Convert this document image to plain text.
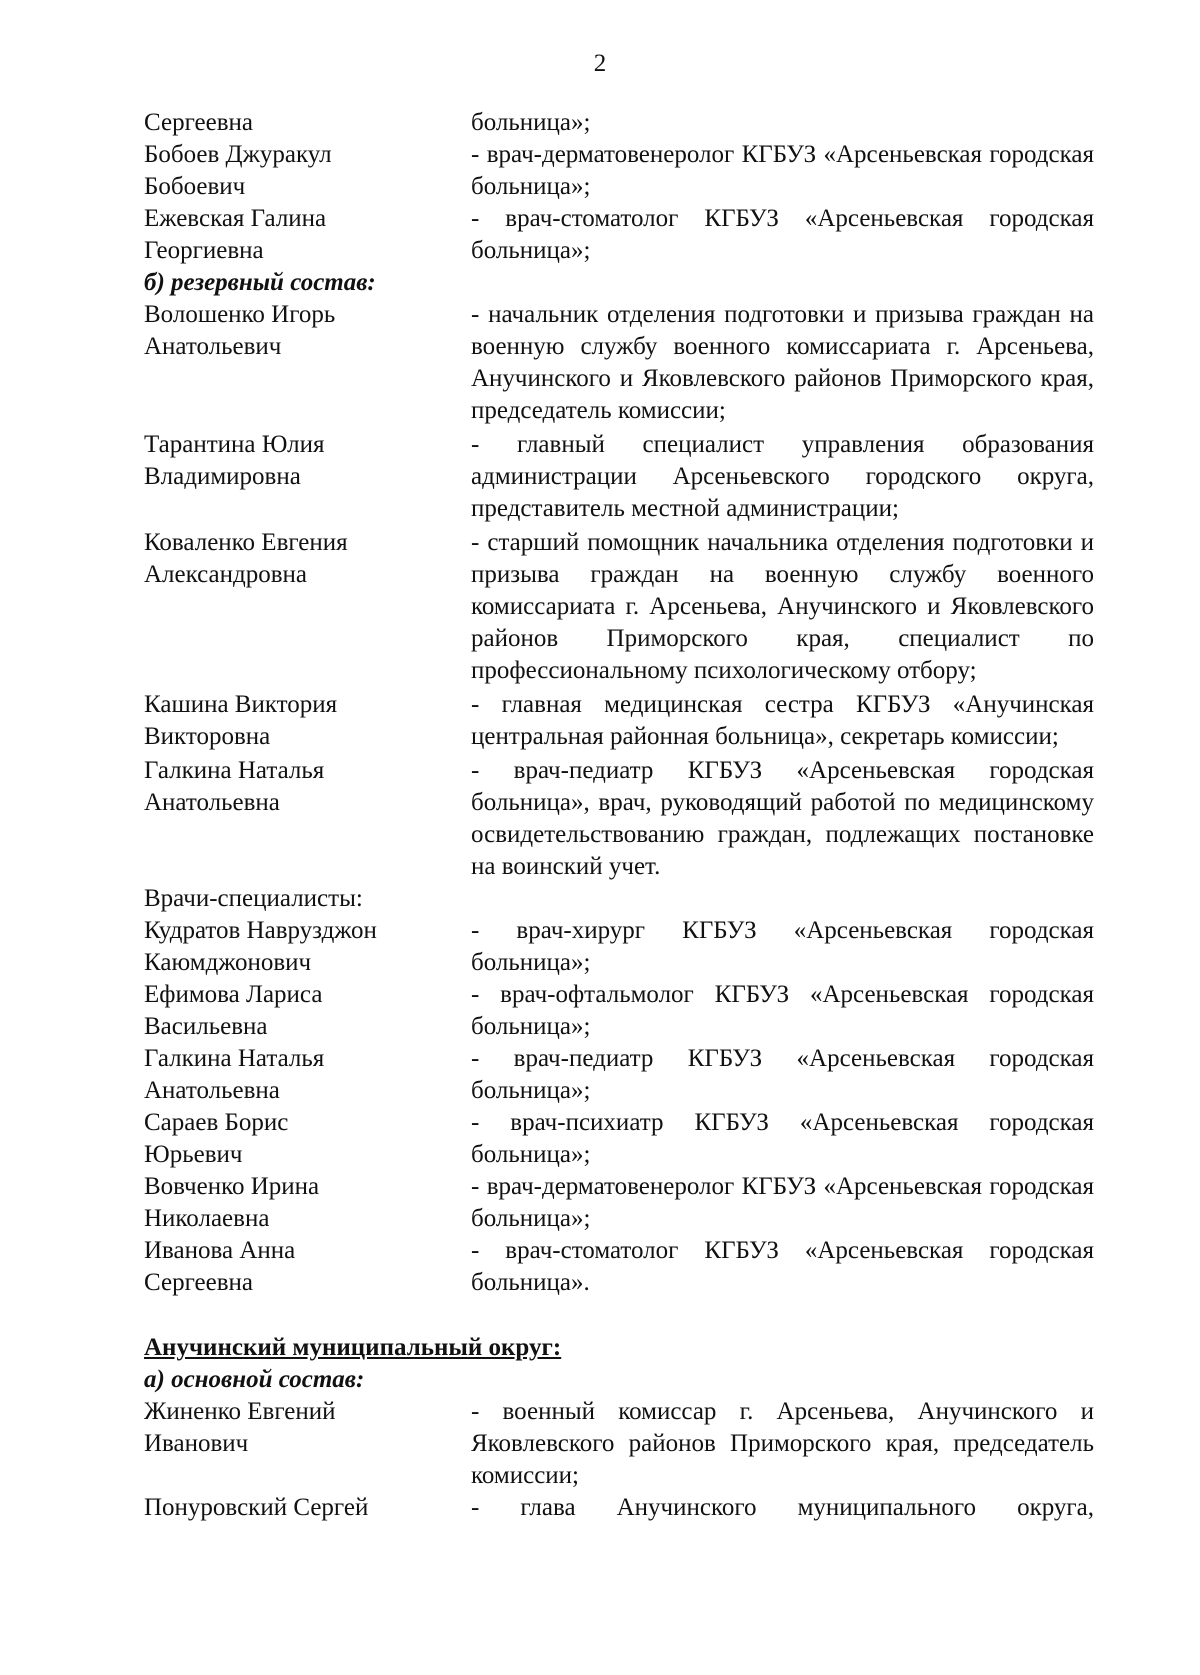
2
Сергеевна	больница»;
Бобоев Джуракул
Бобоевич
- врач-дерматовенеролог КГБУЗ «Арсеньевская городская больница»;
Ежевская Галина
Георгиевна
- врач-стоматолог КГБУЗ «Арсеньевская городская больница»;
б) резервный состав:
Волошенко Игорь
Анатольевич
- начальник отделения подготовки и призыва граждан на военную службу военного комиссариата г. Арсеньева, Анучинского и Яковлевского районов Приморского края, председатель комиссии;
Тарантина Юлия
Владимировна
- главный специалист управления образования администрации Арсеньевского городского округа, представитель местной администрации;
Коваленко Евгения
Александровна
- старший помощник начальника отделения подготовки и призыва граждан на военную службу военного комиссариата г. Арсеньева, Анучинского и Яковлевского районов Приморского края, специалист по профессиональному психологическому отбору;
Кашина Виктория
Викторовна
- главная медицинская сестра КГБУЗ «Анучинская центральная районная больница», секретарь комиссии;
Галкина Наталья
Анатольевна
- врач-педиатр КГБУЗ «Арсеньевская городская больница», врач, руководящий работой по медицинскому освидетельствованию граждан, подлежащих постановке на воинский учет.
Врачи-специалисты:
Кудратов Наврузджон
Каюмджонович
- врач-хирург КГБУЗ «Арсеньевская городская больница»;
Ефимова Лариса
Васильевна
- врач-офтальмолог КГБУЗ «Арсеньевская городская больница»;
Галкина Наталья
Анатольевна
- врач-педиатр КГБУЗ «Арсеньевская городская больница»;
Сараев Борис
Юрьевич
- врач-психиатр КГБУЗ «Арсеньевская городская больница»;
Вовченко Ирина
Николаевна
- врач-дерматовенеролог КГБУЗ «Арсеньевская городская больница»;
Иванова Анна
Сергеевна
- врач-стоматолог КГБУЗ «Арсеньевская городская больница».
Анучинский муниципальный округ:
а) основной состав:
Жиненко Евгений
Иванович
- военный комиссар г. Арсеньева, Анучинского и Яковлевского районов Приморского края, председатель комиссии;
Понуровский Сергей	- глава Анучинского муниципального округа,
